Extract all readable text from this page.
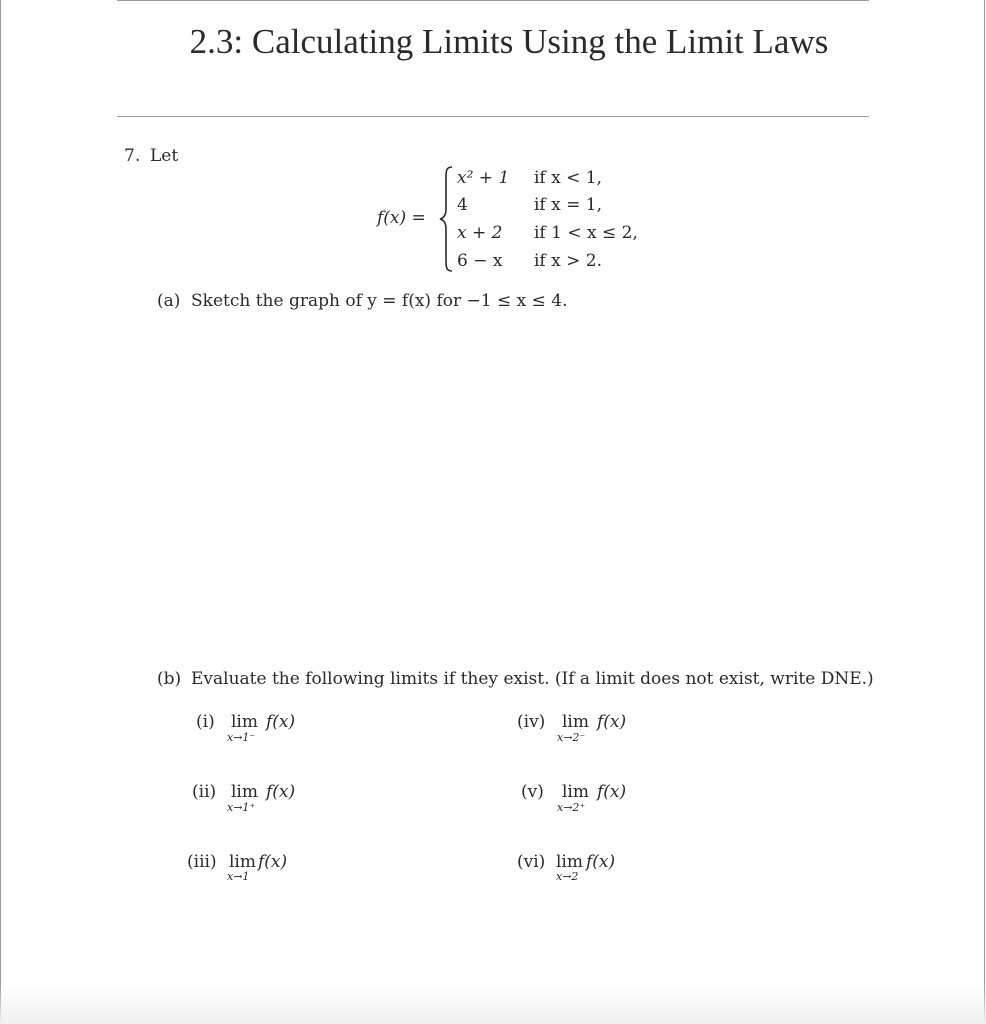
2.3: Calculating Limits Using the Limit Laws
7. Let
f(x) =
x² + 1 if x < 1,
4	if x = 1,
x + 2 if 1 < x ≤ 2,
6 − x if x > 2.
(a) Sketch the graph of y = f(x) for −1 ≤ x ≤ 4.
(b) Evaluate the following limits if they exist. (If a limit does not exist, write DNE.)
(i) lim
x→1⁻
f(x)
(ii) lim
x→1⁺
f(x)
(iii) lim
x→1
f(x)
(iv) lim
x→2⁻
f(x)
(v) lim
x→2⁺
f(x)
(vi) lim
x→2
f(x)
